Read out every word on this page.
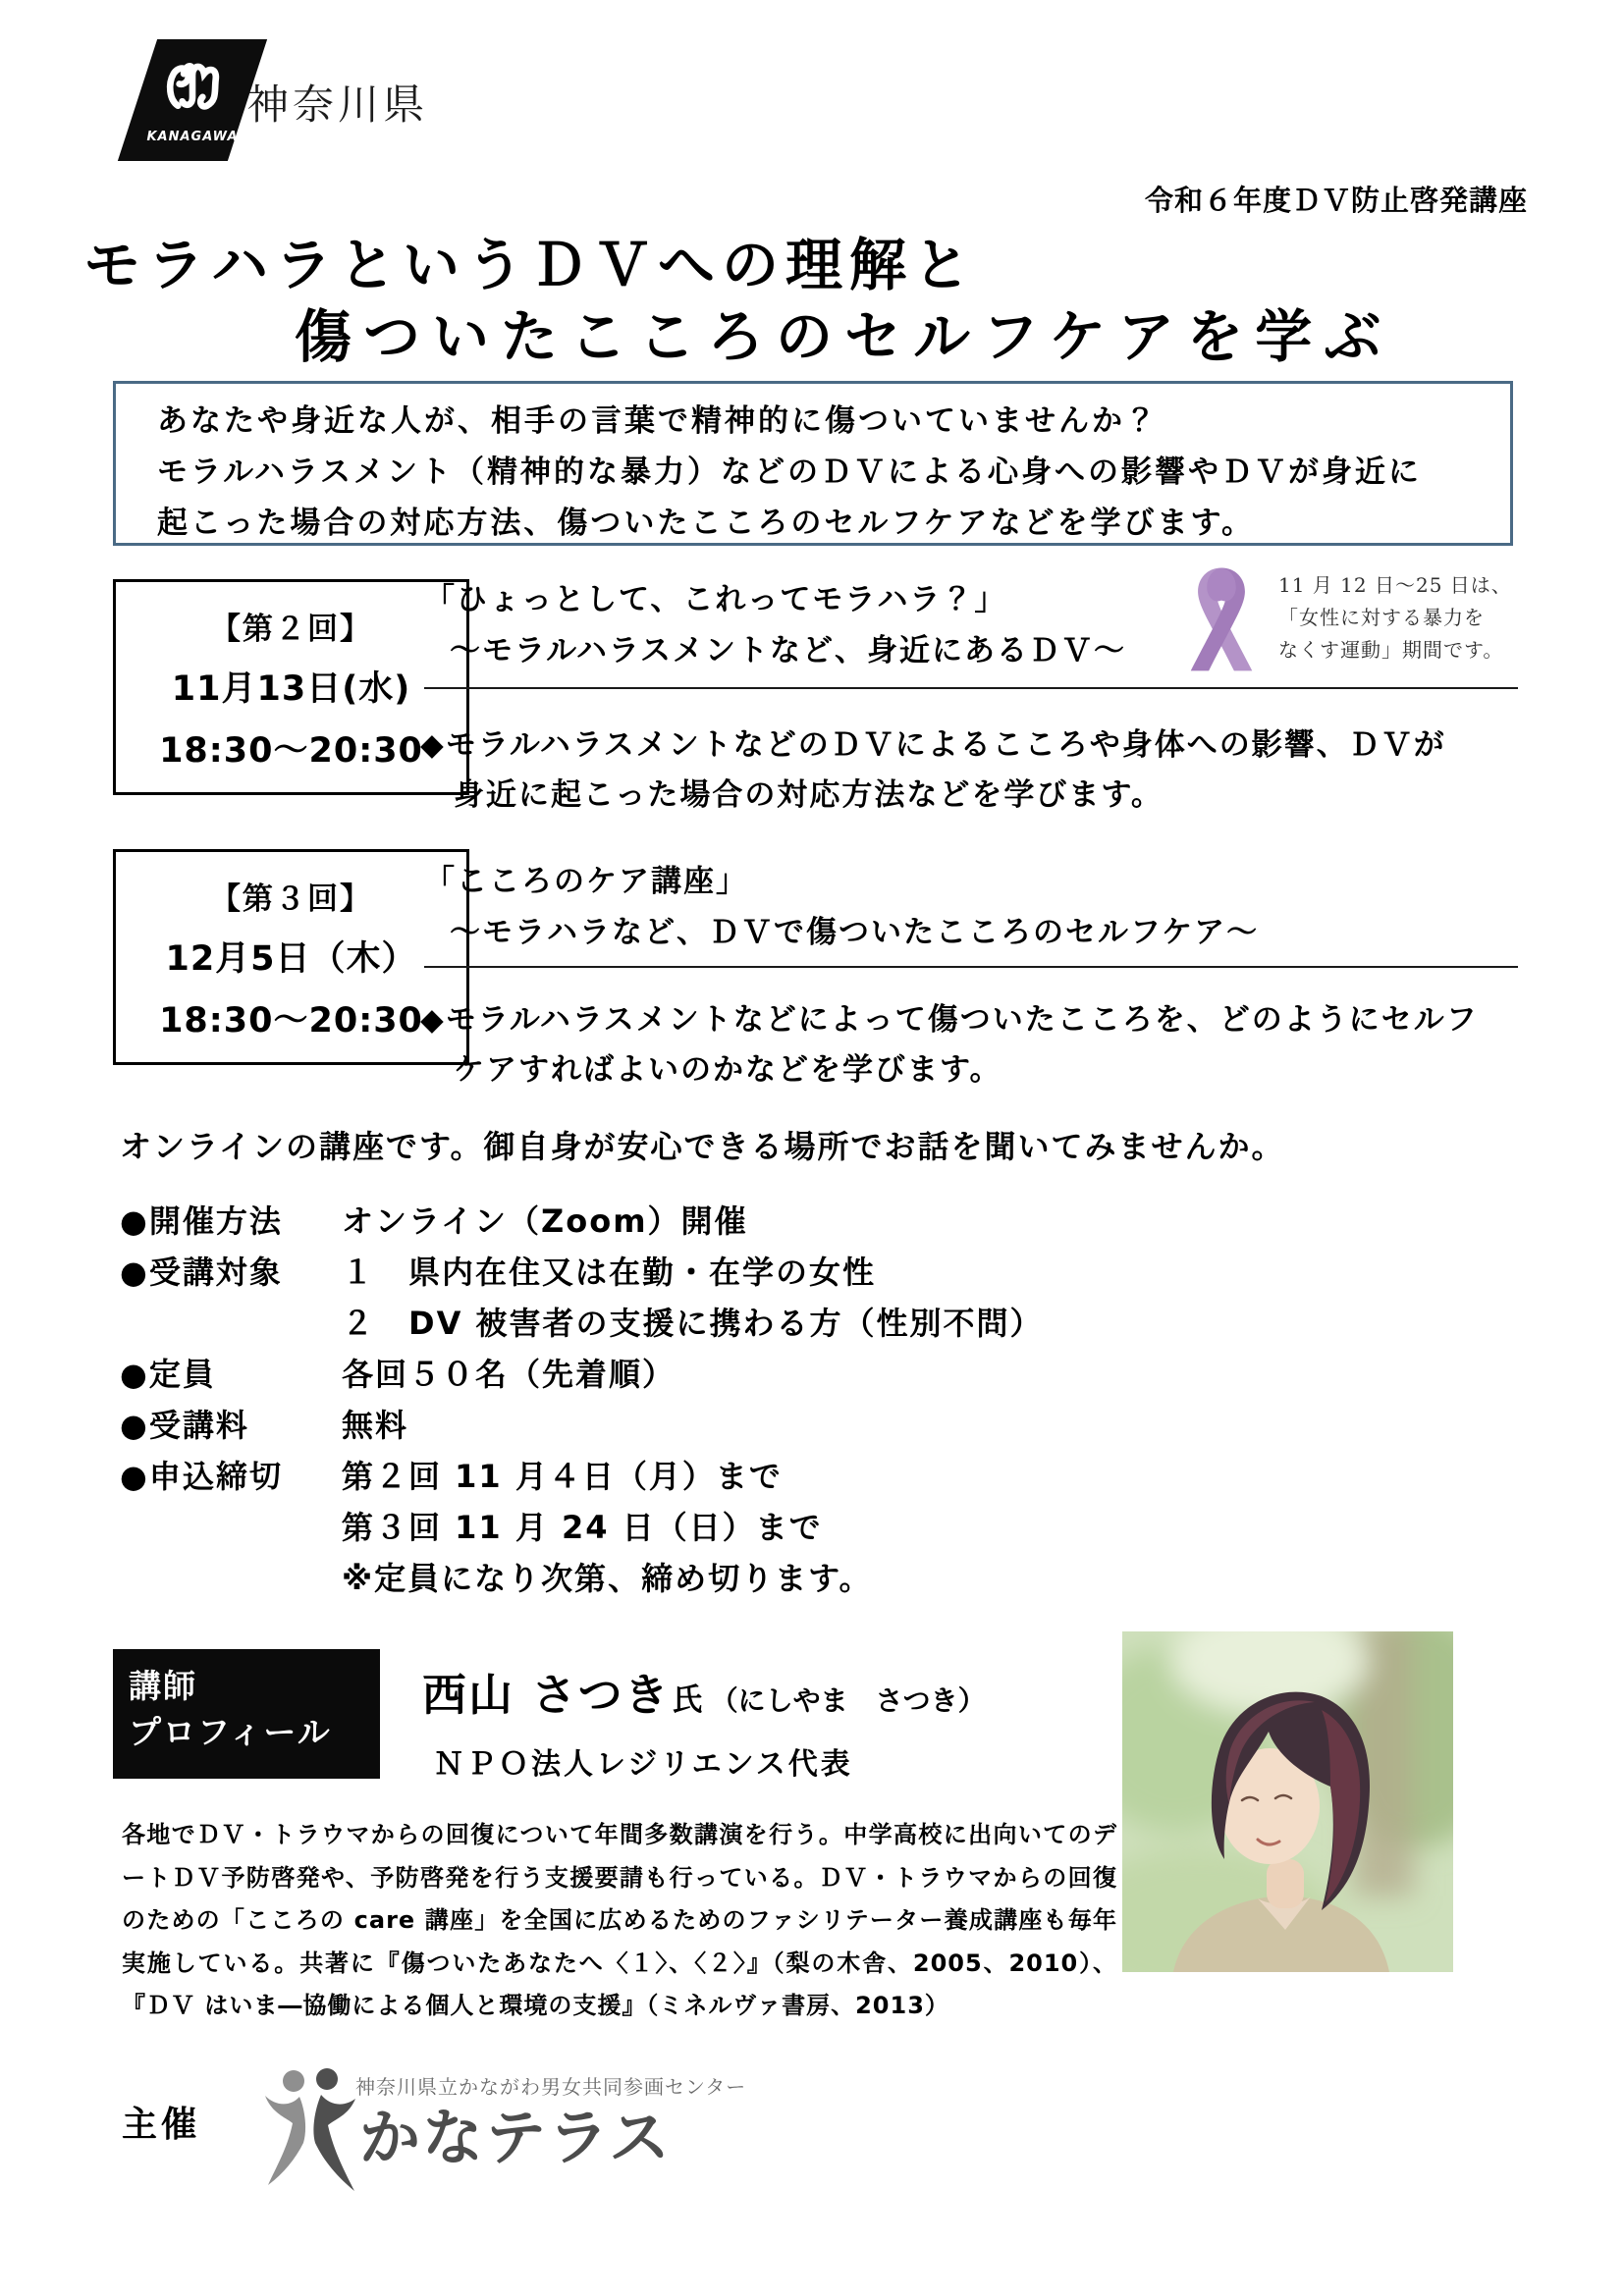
KANAGAWA
神奈川県
令和６年度ＤＶ防止啓発講座
モラハラというＤＶへの理解と
傷ついたこころのセルフケアを学ぶ
あなたや身近な人が、相手の言葉で精神的に傷ついていませんか？
モラルハラスメント（精神的な暴力）などのＤＶによる心身への影響やＤＶが身近に
起こった場合の対応方法、傷ついたこころのセルフケアなどを学びます。
【第２回】
11月13日(水)
18:30～20:30
「ひょっとして、これってモラハラ？」
～モラルハラスメントなど、身近にあるＤＶ～
11 月 12 日～25 日は、
「女性に対する暴力を
なくす運動」期間です。
◆モラルハラスメントなどのＤＶによるこころや身体への影響、ＤＶが
身近に起こった場合の対応方法などを学びます。
【第３回】
12月5日（木）
18:30～20:30
「こころのケア講座」
～モラハラなど、ＤＶで傷ついたこころのセルフケア～
◆モラルハラスメントなどによって傷ついたこころを、どのようにセルフ
ケアすればよいのかなどを学びます。
オンラインの講座です。御自身が安心できる場所でお話を聞いてみませんか。
●開催方法	オンライン（Zoom）開催
●受講対象	１　県内在住又は在勤・在学の女性
２　DV 被害者の支援に携わる方（性別不問）
●定員	各回５０名（先着順）
●受講料	無料
●申込締切	第２回 11 月４日（月）まで
第３回 11 月 24 日（日）まで
※定員になり次第、締め切ります。
講師
プロフィール
西山 さつき 氏 （にしやま　さつき）
ＮＰＯ法人レジリエンス代表
各地でＤＶ・トラウマからの回復について年間多数講演を行う。中学高校に出向いてのデートＤＶ予防啓発や、予防啓発を行う支援要請も行っている。ＤＶ・トラウマからの回復のための「こころの care 講座」を全国に広めるためのファシリテーター養成講座も毎年実施している。共著に『傷ついたあなたへ〈１〉、〈２〉』（梨の木舎、2005、2010）、『ＤＶ はいま―協働による個人と環境の支援』（ミネルヴァ書房、2013）
主催
神奈川県立かながわ男女共同参画センター
かなテラス
